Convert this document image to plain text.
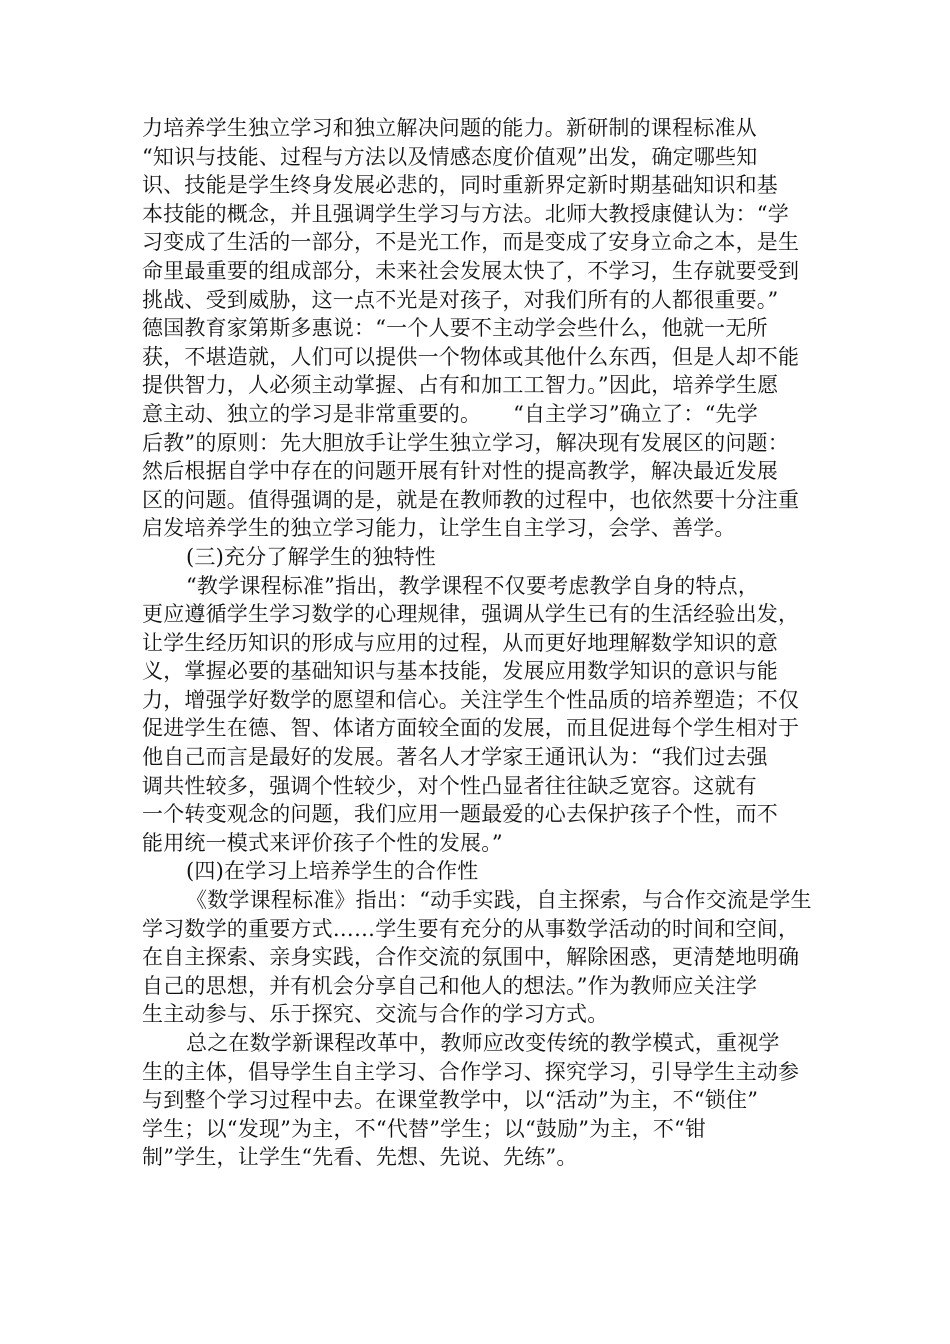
力培养学生独立学习和独立解决问题的能力。新研制的课程标准从
“知识与技能、过程与方法以及情感态度价值观”出发，确定哪些知
识、技能是学生终身发展必悲的，同时重新界定新时期基础知识和基
本技能的概念，并且强调学生学习与方法。北师大教授康健认为：“学
习变成了生活的一部分，不是光工作，而是变成了安身立命之本，是生
命里最重要的组成部分，未来社会发展太快了，不学习，生存就要受到
挑战、受到威胁，这一点不光是对孩子，对我们所有的人都很重要。”
德国教育家第斯多惠说：“一个人要不主动学会些什么，他就一无所
获，不堪造就，人们可以提供一个物体或其他什么东西，但是人却不能
提供智力，人必须主动掌握、占有和加工工智力。”因此，培养学生愿
意主动、独立的学习是非常重要的。　　“自主学习”确立了：“先学
后教”的原则：先大胆放手让学生独立学习，解决现有发展区的问题：
然后根据自学中存在的问题开展有针对性的提高教学，解决最近发展
区的问题。值得强调的是，就是在教师教的过程中，也依然要十分注重
启发培养学生的独立学习能力，让学生自主学习，会学、善学。
(三)充分了解学生的独特性
“教学课程标准”指出，教学课程不仅要考虑教学自身的特点，
更应遵循学生学习数学的心理规律，强调从学生已有的生活经验出发，
让学生经历知识的形成与应用的过程，从而更好地理解数学知识的意
义，掌握必要的基础知识与基本技能，发展应用数学知识的意识与能
力，增强学好数学的愿望和信心。关注学生个性品质的培养塑造；不仅
促进学生在德、智、体诸方面较全面的发展，而且促进每个学生相对于
他自己而言是最好的发展。著名人才学家王通讯认为：“我们过去强
调共性较多，强调个性较少，对个性凸显者往往缺乏宽容。这就有
一个转变观念的问题，我们应用一题最爱的心去保护孩子个性，而不
能用统一模式来评价孩子个性的发展。”
(四)在学习上培养学生的合作性
《数学课程标准》指出：“动手实践，自主探索，与合作交流是学生
学习数学的重要方式……学生要有充分的从事数学活动的时间和空间，
在自主探索、亲身实践，合作交流的氛围中，解除困惑，更清楚地明确
自己的思想，并有机会分享自己和他人的想法。”作为教师应关注学
生主动参与、乐于探究、交流与合作的学习方式。
总之在数学新课程改革中，教师应改变传统的教学模式，重视学
生的主体，倡导学生自主学习、合作学习、探究学习，引导学生主动参
与到整个学习过程中去。在课堂教学中，以“活动”为主，不“锁住”
学生；以“发现”为主，不“代替”学生；以“鼓励”为主，不“钳
制”学生，让学生“先看、先想、先说、先练”。
